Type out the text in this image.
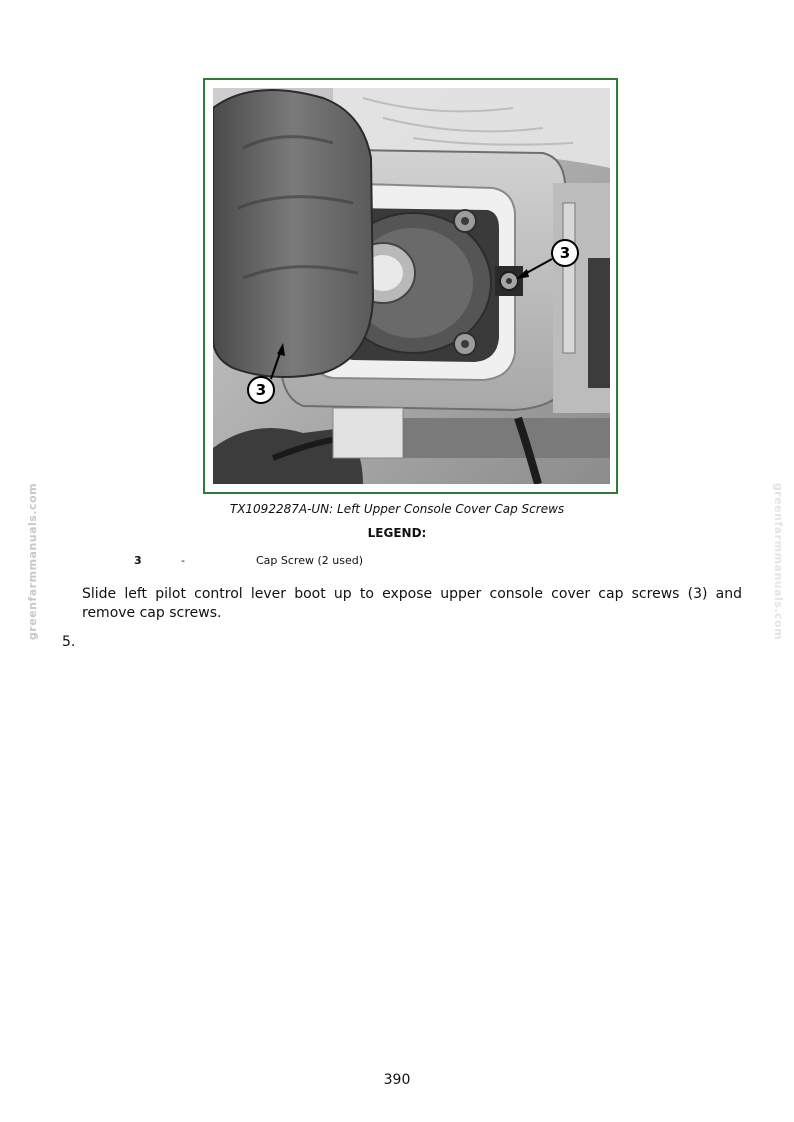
3
3
TX1092287A-UN: Left Upper Console Cover Cap Screws
LEGEND:
3	-	Cap Screw (2 used)
Slide left pilot control lever boot up to expose upper console cover cap screws (3) and remove cap screws.
5.
390
greenfarmmanuals.com	greenfarmmanuals.com
